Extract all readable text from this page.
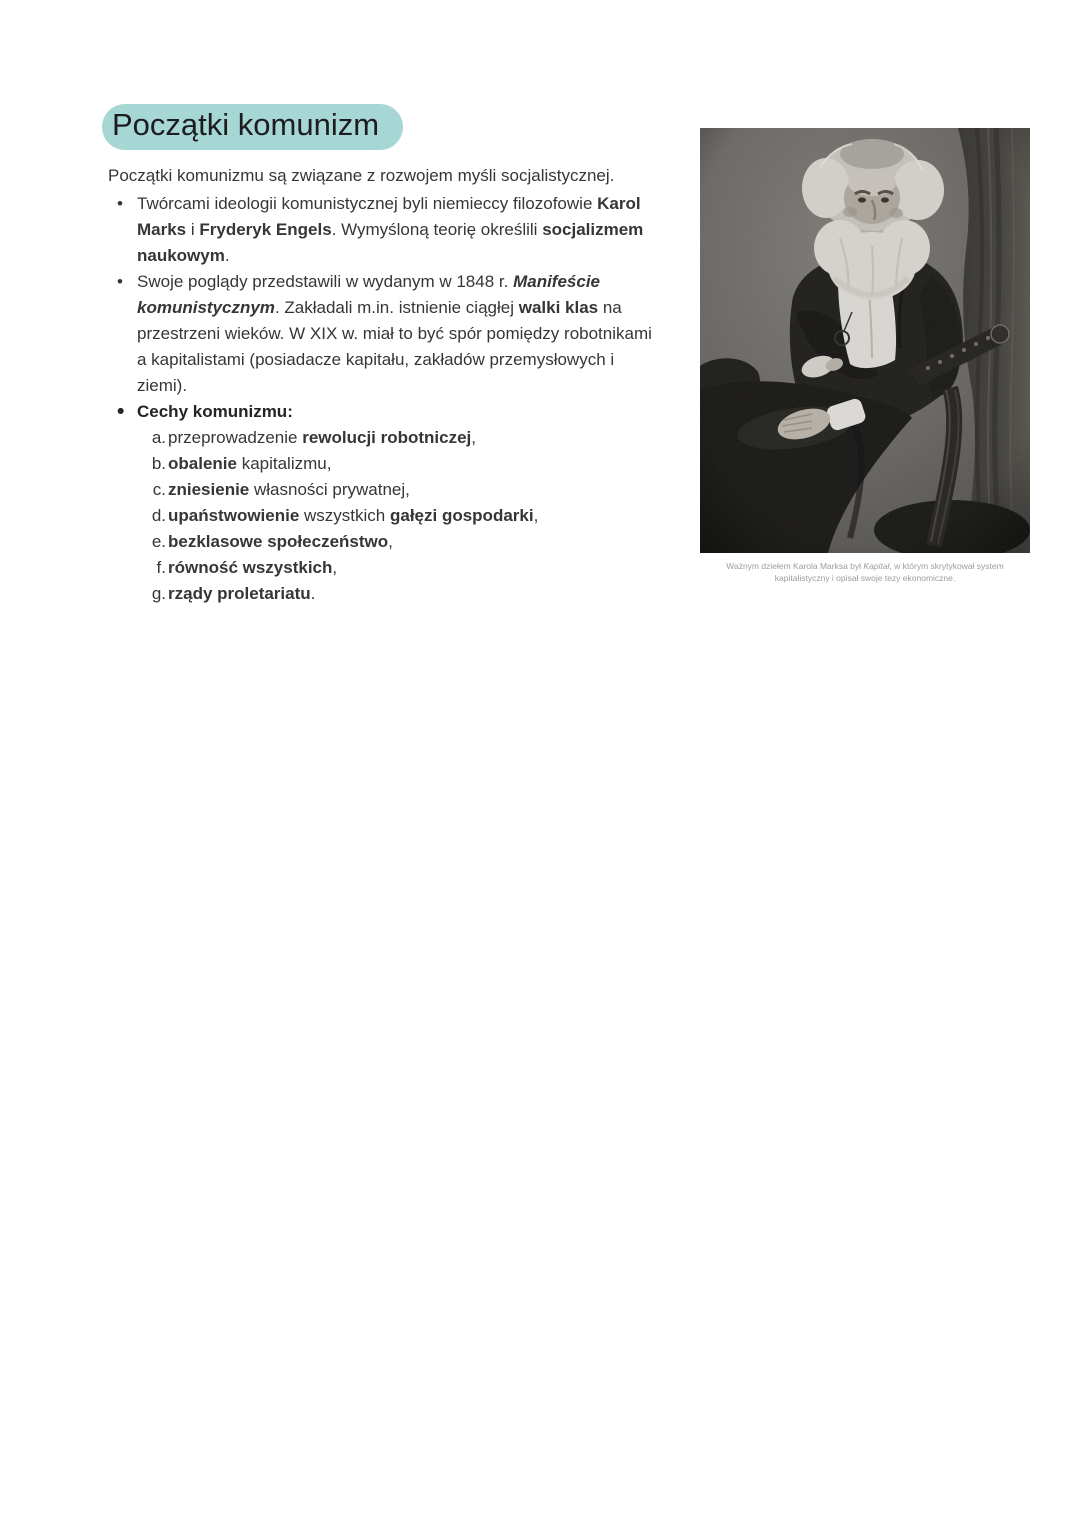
Początki komunizm

Początki komunizmu są związane z rozwojem myśli socjalistycznej.

• Twórcami ideologii komunistycznej byli niemieccy filozofowie Karol Marks i Fryderyk Engels. Wymyśloną teorię określili socjalizmem naukowym.
• Swoje poglądy przedstawili w wydanym w 1848 r. Manifeście komunistycznym. Zakładali m.in. istnienie ciągłej walki klas na przestrzeni wieków. W XIX w. miał to być spór pomiędzy robotnikami a kapitalistami (posiadacze kapitału, zakładów przemysłowych i ziemi).
• Cechy komunizmu:
a. przeprowadzenie rewolucji robotniczej,
b. obalenie kapitalizmu,
c. zniesienie własności prywatnej,
d. upaństwowienie wszystkich gałęzi gospodarki,
e. bezklasowe społeczeństwo,
f. równość wszystkich,
g. rządy proletariatu.
Ważnym dziełem Karola Marksa był Kapitał, w którym skrytykował system kapitalistyczny i opisał swoje tezy ekonomiczne.
